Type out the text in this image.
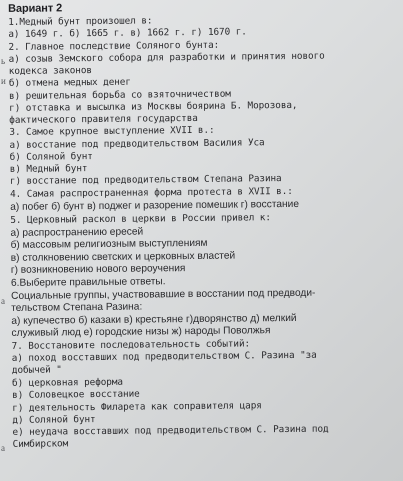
Вариант 2
1.Медный бунт произошел в:
а) 1649 г. б) 1665 г. в) 1662 г. г) 1670 г.
2. Главное последствие Соляного бунта:
а) созыв Земского собора для разработки и принятия нового
кодекса законов
б) отмена медных денег
в) решительная борьба со взяточничеством
г) отставка и высылка из Москвы боярина Б. Морозова,
фактического правителя государства
3. Самое крупное выступление XVII в.:
а) восстание под предводительством Василия Уса
б) Соляной бунт
в) Медный бунт
г) восстание под предводительством Степана Разина
4. Самая распространенная форма протеста в XVII в.:
а) побег б) бунт в) поджег и разорение помешик г) восстание
5. Церковный раскол в церкви в России привел к:
а) распространению ересей
б) массовым религиозным выступлениям
в) столкновению светских и церковных властей
г) возникновению нового вероучения
6.Выберите правильные ответы.
Социальные группы, участвовавшие в восстании под предводи-
тельством Степана Разина:
а) купечество б) казаки в) крестьяне г)дворянство д) мелкий
служивый люд е) городские низы ж) народы Поволжья
7. Восстановите последовательность событий:
а) поход восставших под предводительством С. Разина "за
добычей "
б) церковная реформа
в) Соловецкое восстание
г) деятельность Филарета как соправителя царя
д) Соляной бунт
е) неудача восставших под предводительством С. Разина под
Симбирском
ь
и
а
а
